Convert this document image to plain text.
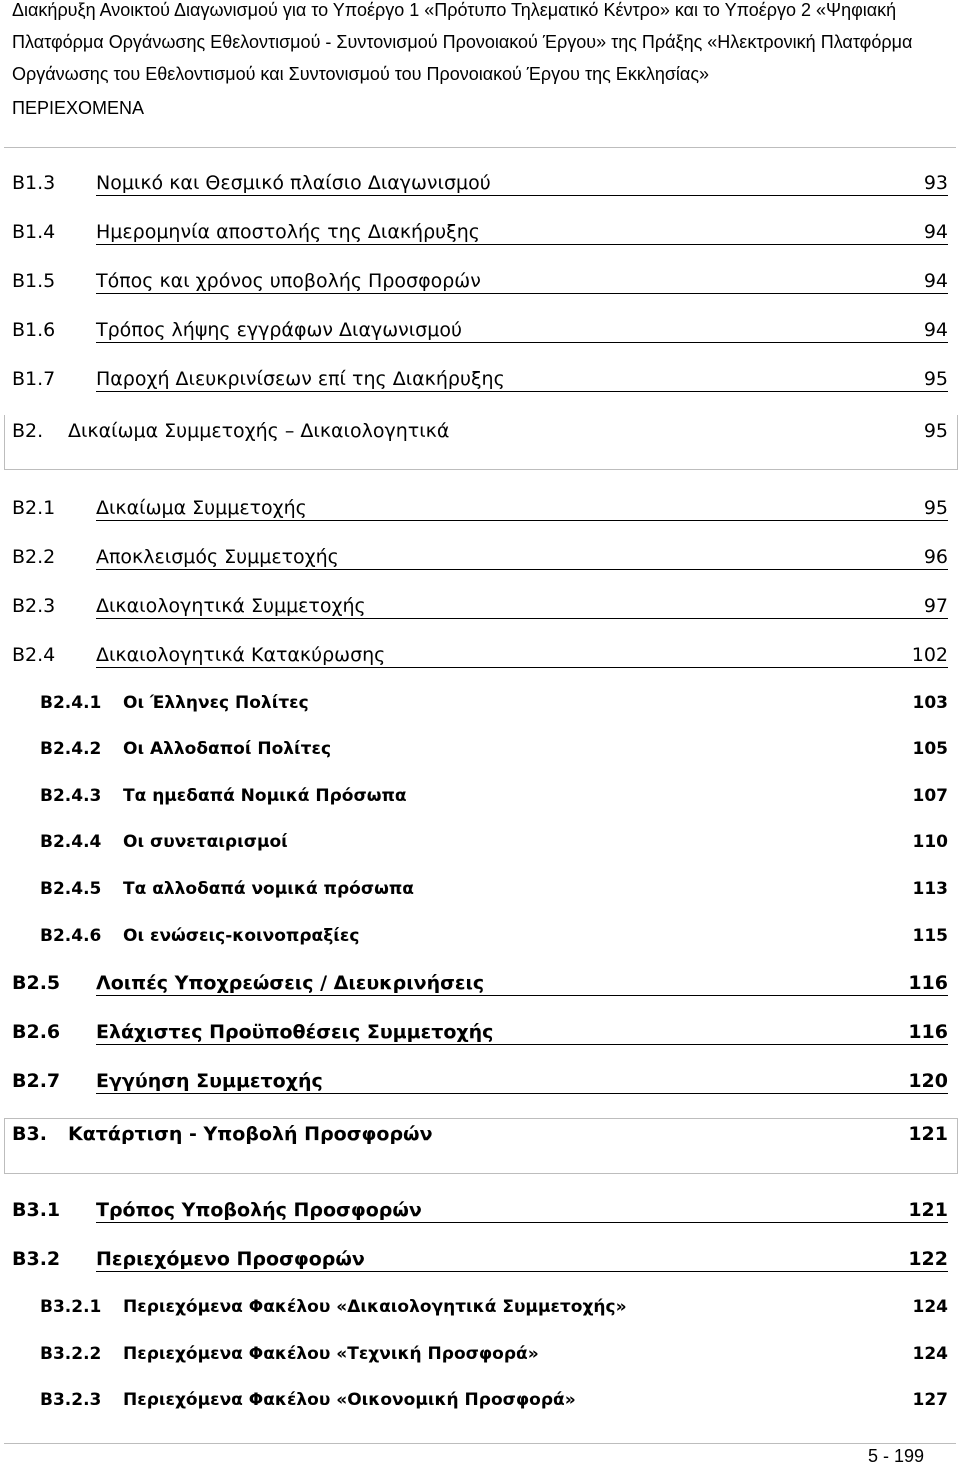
Διακήρυξη Ανοικτού Διαγωνισμού για το Υποέργο 1 «Πρότυπο Τηλεματικό Κέντρο» και το Υποέργο 2 «Ψηφιακή
Πλατφόρμα Οργάνωσης Εθελοντισμού - Συντονισμού Προνοιακού Έργου» της Πράξης «Ηλεκτρονική Πλατφόρμα
Οργάνωσης του Εθελοντισμού και Συντονισμού του Προνοιακού Έργου της Εκκλησίας»
ΠΕΡΙΕΧΟΜΕΝΑ
B1.3 Νομικό και Θεσμικό πλαίσιο Διαγωνισμού	93
B1.4 Ημερομηνία αποστολής της Διακήρυξης	94
B1.5 Τόπος και χρόνος υποβολής Προσφορών	94
B1.6 Τρόπος λήψης εγγράφων Διαγωνισμού	94
B1.7 Παροχή Διευκρινίσεων επί της Διακήρυξης	95
B2. Δικαίωμα Συμμετοχής – Δικαιολογητικά	95
B2.1 Δικαίωμα Συμμετοχής	95
B2.2 Αποκλεισμός Συμμετοχής	96
B2.3 Δικαιολογητικά Συμμετοχής	97
B2.4 Δικαιολογητικά Κατακύρωσης	102
B2.4.1 Οι Έλληνες Πολίτες	103
B2.4.2 Οι Αλλοδαποί Πολίτες	105
B2.4.3 Τα ημεδαπά Νομικά Πρόσωπα	107
B2.4.4 Οι συνεταιρισμοί	110
B2.4.5 Τα αλλοδαπά νομικά πρόσωπα	113
B2.4.6 Οι ενώσεις-κοινοπραξίες	115
B2.5 Λοιπές Υποχρεώσεις / Διευκρινήσεις	116
B2.6 Ελάχιστες Προϋποθέσεις Συμμετοχής	116
B2.7 Εγγύηση Συμμετοχής	120
B3. Κατάρτιση - Υποβολή Προσφορών	121
B3.1 Τρόπος Υποβολής Προσφορών	121
B3.2 Περιεχόμενο Προσφορών	122
B3.2.1 Περιεχόμενα Φακέλου «Δικαιολογητικά Συμμετοχής»	124
B3.2.2 Περιεχόμενα Φακέλου «Τεχνική Προσφορά»	124
B3.2.3 Περιεχόμενα Φακέλου «Οικονομική Προσφορά»	127
5 - 199
